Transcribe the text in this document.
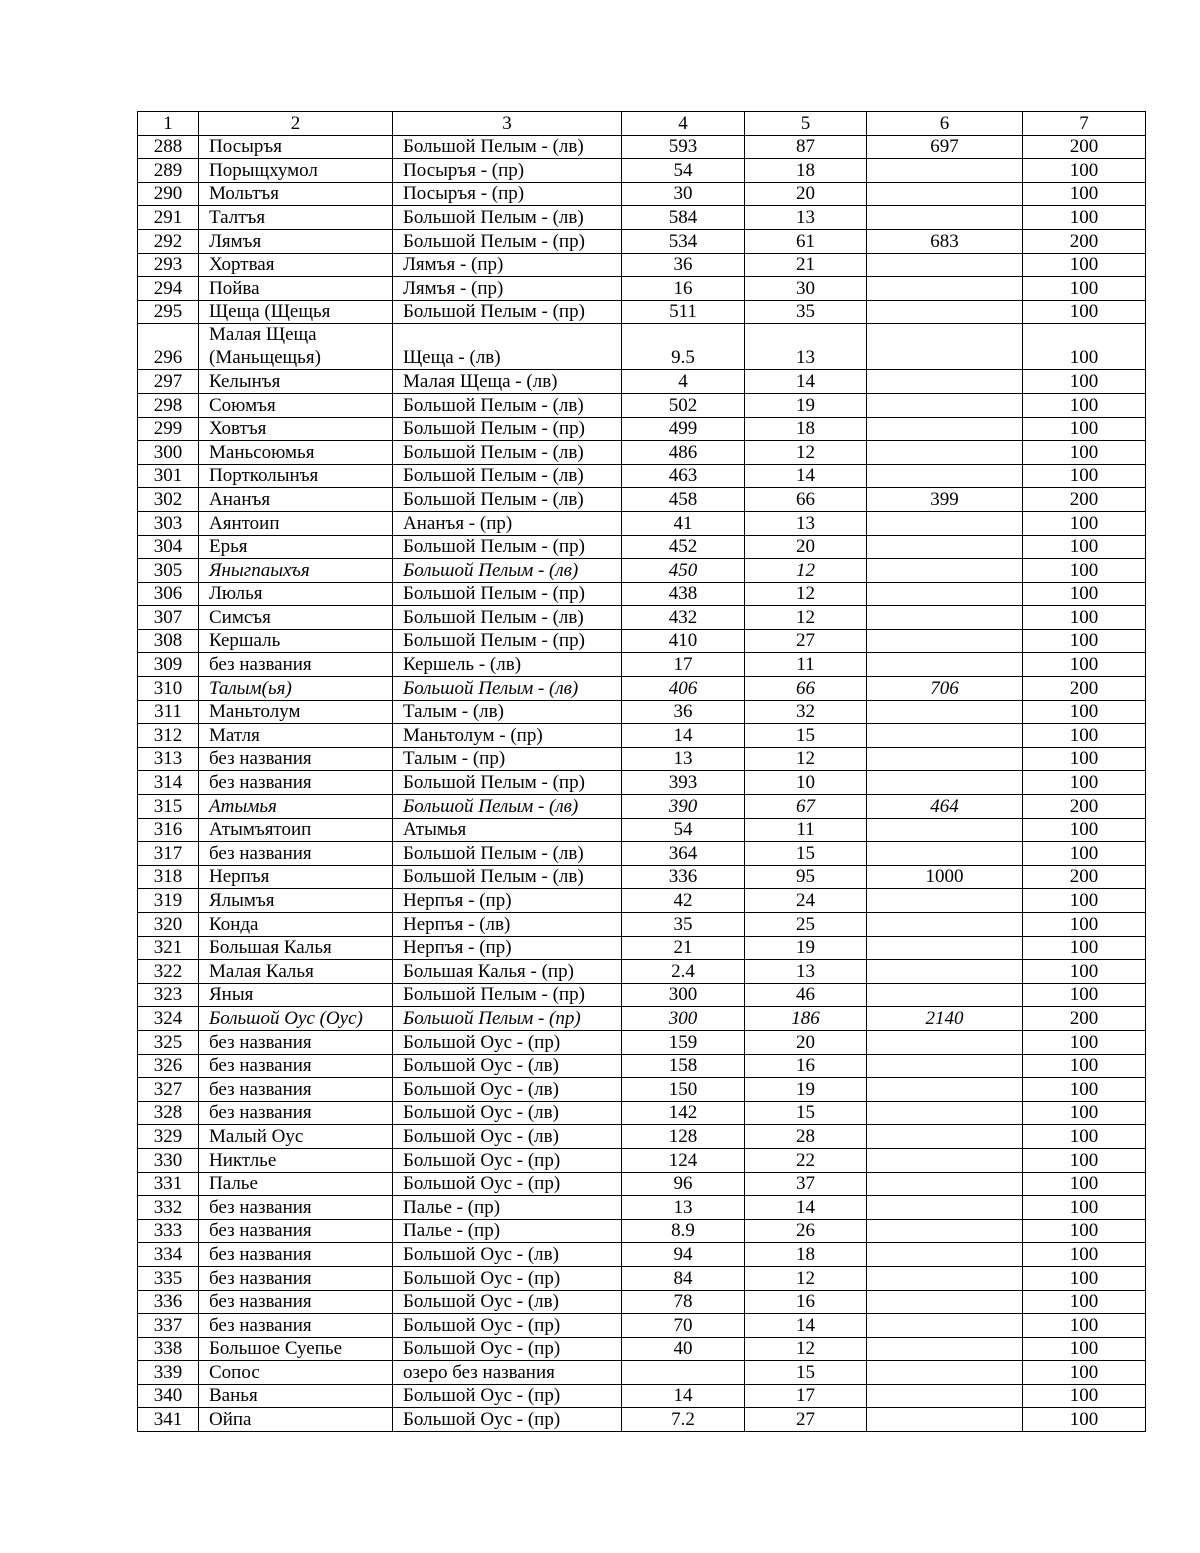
1	2	3	4	5	6	7
288	Посыръя	Большой Пелым - (лв)	593	87	697	200
289	Порыщхумол	Посыръя - (пр)	54	18		100
290	Мольтъя	Посыръя - (пр)	30	20		100
291	Талтъя	Большой Пелым - (лв)	584	13		100
292	Лямъя	Большой Пелым - (пр)	534	61	683	200
293	Хортвая	Лямъя - (пр)	36	21		100
294	Пойва	Лямъя - (пр)	16	30		100
295	Щеща (Щещья	Большой Пелым - (пр)	511	35		100
296	Малая Щеща (Маньщещья)	Щеща - (лв)	9.5	13		100
297	Келынъя	Малая Щеща - (лв)	4	14		100
298	Союмъя	Большой Пелым - (лв)	502	19		100
299	Ховтъя	Большой Пелым - (пр)	499	18		100
300	Маньсоюмья	Большой Пелым - (лв)	486	12		100
301	Портколынъя	Большой Пелым - (лв)	463	14		100
302	Ананъя	Большой Пелым - (лв)	458	66	399	200
303	Аянтоип	Ананъя - (пр)	41	13		100
304	Ерья	Большой Пелым - (пр)	452	20		100
305	Яныгпаыхъя	Большой Пелым - (лв)	450	12		100
306	Люлья	Большой Пелым - (пр)	438	12		100
307	Симсъя	Большой Пелым - (лв)	432	12		100
308	Кершаль	Большой Пелым - (пр)	410	27		100
309	без названия	Кершель - (лв)	17	11		100
310	Талым(ья)	Большой Пелым - (лв)	406	66	706	200
311	Маньтолум	Талым - (лв)	36	32		100
312	Матля	Маньтолум - (пр)	14	15		100
313	без названия	Талым - (пр)	13	12		100
314	без названия	Большой Пелым - (пр)	393	10		100
315	Атымья	Большой Пелым - (лв)	390	67	464	200
316	Атымъятоип	Атымья	54	11		100
317	без названия	Большой Пелым - (лв)	364	15		100
318	Нерпъя	Большой Пелым - (лв)	336	95	1000	200
319	Ялымъя	Нерпъя - (пр)	42	24		100
320	Конда	Нерпъя - (лв)	35	25		100
321	Большая Калья	Нерпъя - (пр)	21	19		100
322	Малая Калья	Большая Калья - (пр)	2.4	13		100
323	Яныя	Большой Пелым - (пр)	300	46		100
324	Большой Оус (Оус)	Большой Пелым - (пр)	300	186	2140	200
325	без названия	Большой Оус - (пр)	159	20		100
326	без названия	Большой Оус - (лв)	158	16		100
327	без названия	Большой Оус - (лв)	150	19		100
328	без названия	Большой Оус - (лв)	142	15		100
329	Малый Оус	Большой Оус - (лв)	128	28		100
330	Никтлье	Большой Оус - (пр)	124	22		100
331	Палье	Большой Оус - (пр)	96	37		100
332	без названия	Палье - (пр)	13	14		100
333	без названия	Палье - (пр)	8.9	26		100
334	без названия	Большой Оус - (лв)	94	18		100
335	без названия	Большой Оус - (пр)	84	12		100
336	без названия	Большой Оус - (лв)	78	16		100
337	без названия	Большой Оус - (пр)	70	14		100
338	Большое Суепье	Большой Оус - (пр)	40	12		100
339	Сопос	озеро без названия		15		100
340	Ванья	Большой Оус - (пр)	14	17		100
341	Ойпа	Большой Оус - (пр)	7.2	27		100
